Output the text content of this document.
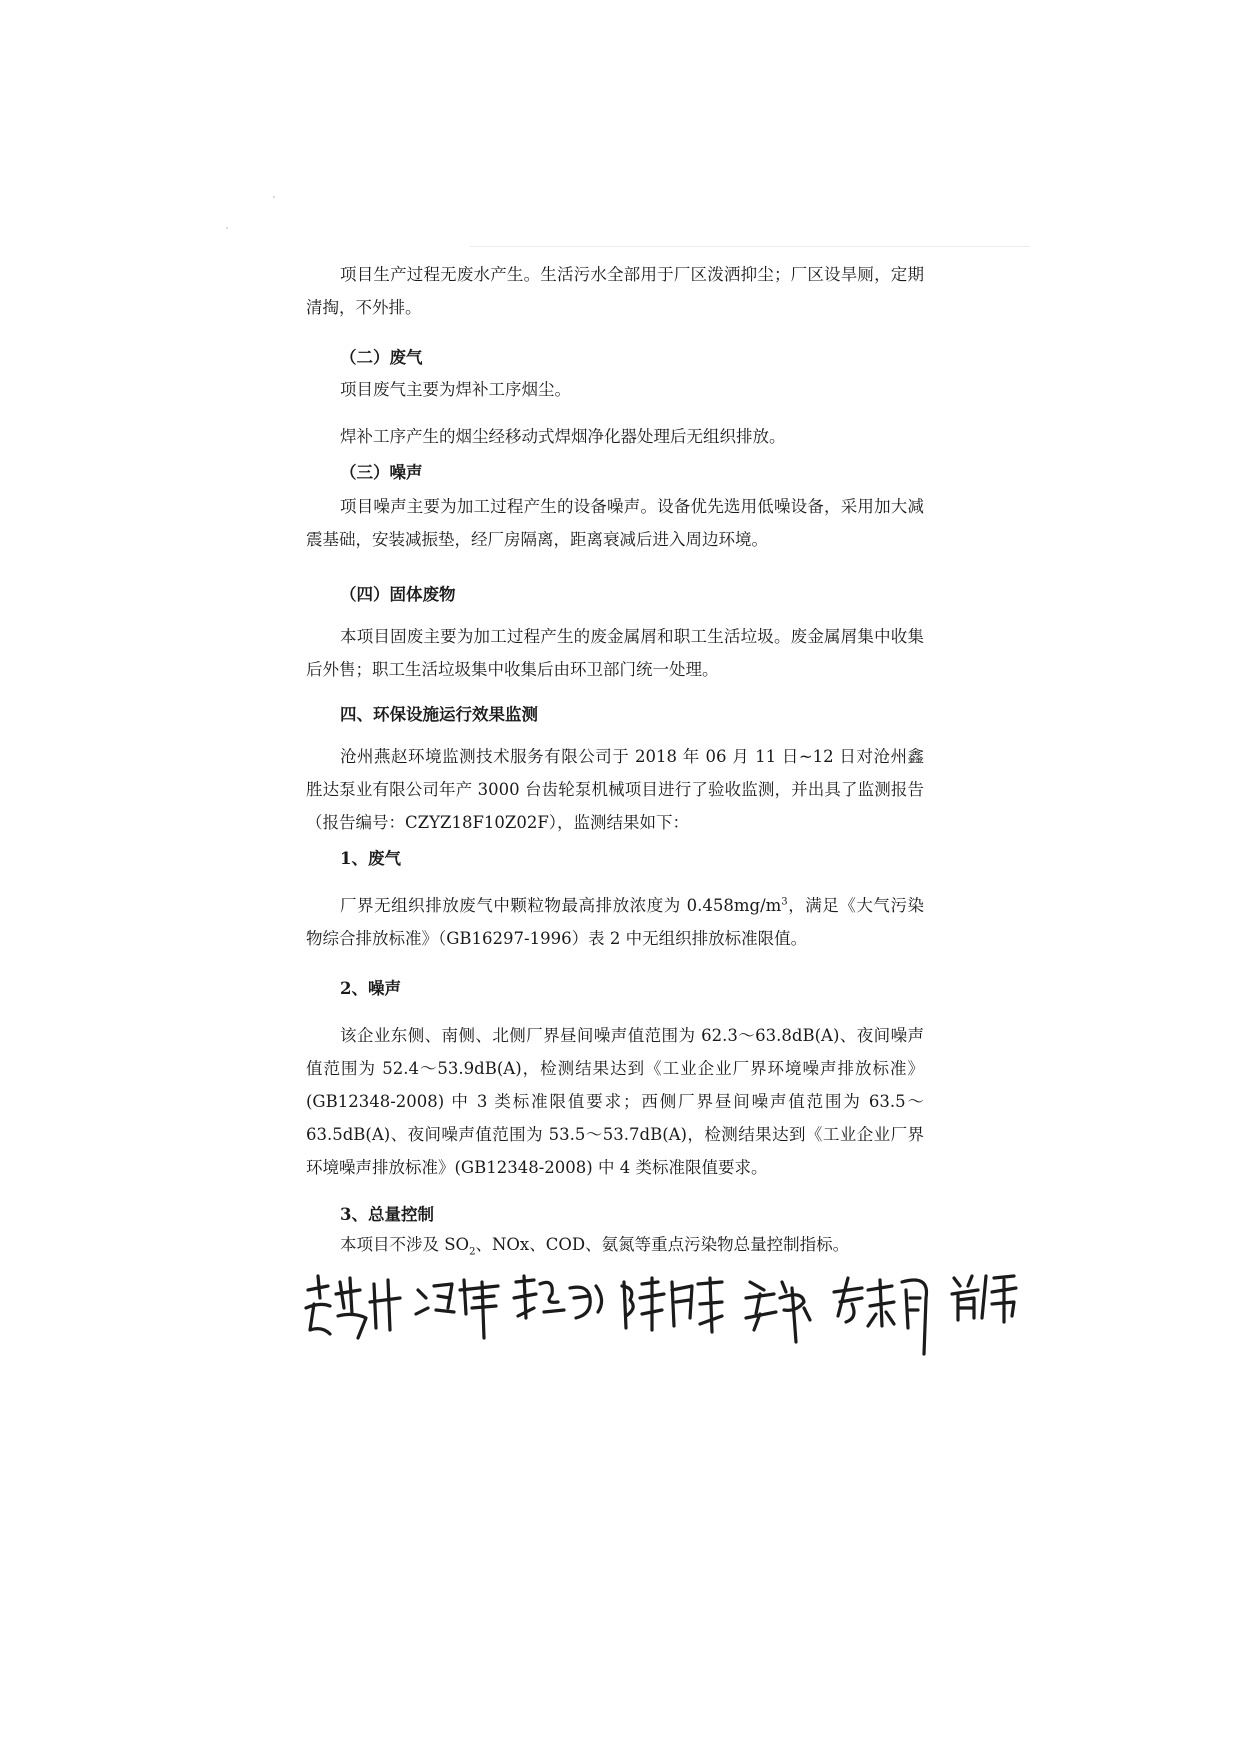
项目生产过程无废水产生。生活污水全部用于厂区泼洒抑尘；厂区设旱厕，定期清掏，不外排。

（二）废气

项目废气主要为焊补工序烟尘。

焊补工序产生的烟尘经移动式焊烟净化器处理后无组织排放。

（三）噪声

项目噪声主要为加工过程产生的设备噪声。设备优先选用低噪设备，采用加大减震基础，安装减振垫，经厂房隔离，距离衰减后进入周边环境。

（四）固体废物

本项目固废主要为加工过程产生的废金属屑和职工生活垃圾。废金属屑集中收集后外售；职工生活垃圾集中收集后由环卫部门统一处理。

四、环保设施运行效果监测

沧州燕赵环境监测技术服务有限公司于 2018 年 06 月 11 日~12 日对沧州鑫胜达泵业有限公司年产 3000 台齿轮泵机械项目进行了验收监测，并出具了监测报告（报告编号：CZYZ18F10Z02F），监测结果如下：

1、废气

厂界无组织排放废气中颗粒物最高排放浓度为 $0.458mg/m^3$，满足《大气污染物综合排放标准》（GB16297-1996）表 2 中无组织排放标准限值。

2、噪声

该企业东侧、南侧、北侧厂界昼间噪声值范围为 62.3～63.8dB(A)、夜间噪声值范围为 52.4～53.9dB(A)，检测结果达到《工业企业厂界环境噪声排放标准》(GB12348-2008) 中 3 类标准限值要求；西侧厂界昼间噪声值范围为 63.5～63.5dB(A)、夜间噪声值范围为 53.5～53.7dB(A)，检测结果达到《工业企业厂界环境噪声排放标准》(GB12348-2008) 中 4 类标准限值要求。

3、总量控制

本项目不涉及 $SO_2$、NOx、COD、氨氮等重点污染物总量控制指标。
